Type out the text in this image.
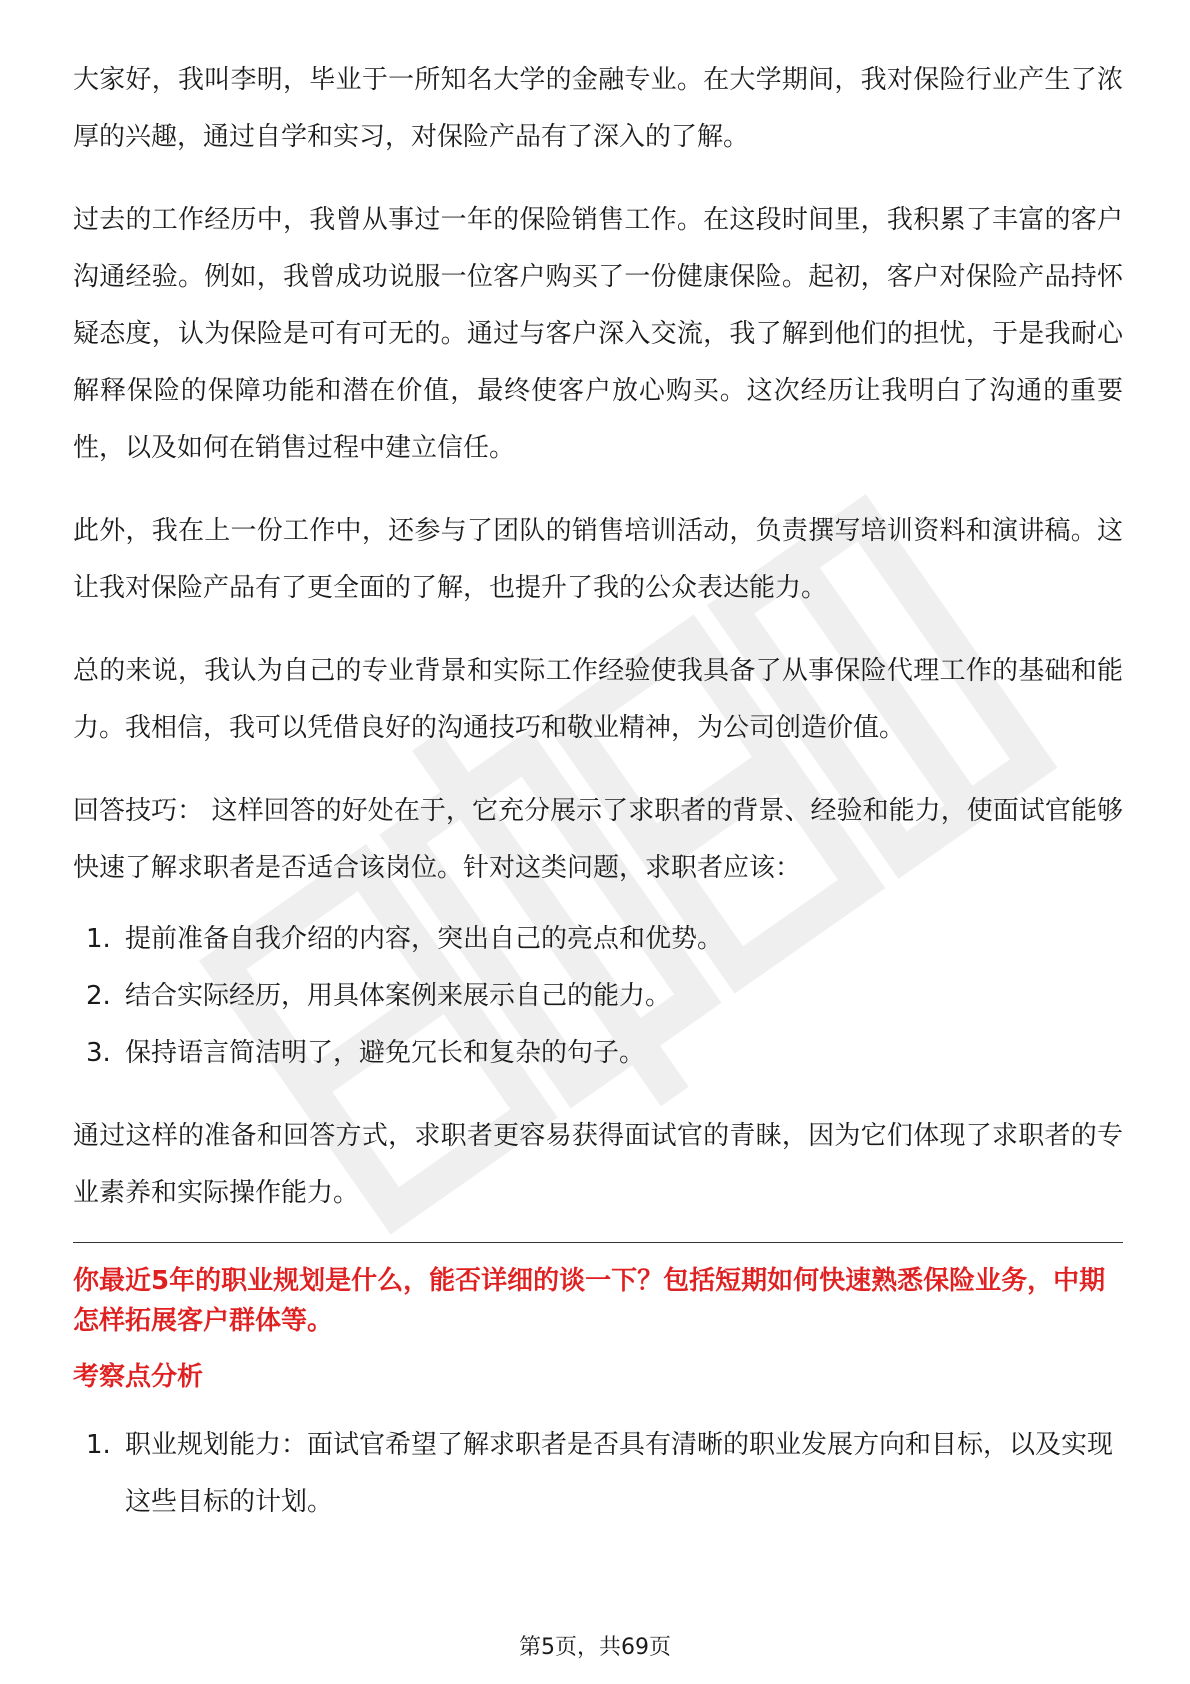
大家好，我叫李明，毕业于一所知名大学的金融专业。在大学期间，我对保险行业产生了浓厚的兴趣，通过自学和实习，对保险产品有了深入的了解。

过去的工作经历中，我曾从事过一年的保险销售工作。在这段时间里，我积累了丰富的客户沟通经验。例如，我曾成功说服一位客户购买了一份健康保险。起初，客户对保险产品持怀疑态度，认为保险是可有可无的。通过与客户深入交流，我了解到他们的担忧，于是我耐心解释保险的保障功能和潜在价值，最终使客户放心购买。这次经历让我明白了沟通的重要性，以及如何在销售过程中建立信任。

此外，我在上一份工作中，还参与了团队的销售培训活动，负责撰写培训资料和演讲稿。这让我对保险产品有了更全面的了解，也提升了我的公众表达能力。

总的来说，我认为自己的专业背景和实际工作经验使我具备了从事保险代理工作的基础和能力。我相信，我可以凭借良好的沟通技巧和敬业精神，为公司创造价值。

回答技巧： 这样回答的好处在于，它充分展示了求职者的背景、经验和能力，使面试官能够快速了解求职者是否适合该岗位。针对这类问题，求职者应该：

1. 提前准备自我介绍的内容，突出自己的亮点和优势。
2. 结合实际经历，用具体案例来展示自己的能力。
3. 保持语言简洁明了，避免冗长和复杂的句子。

通过这样的准备和回答方式，求职者更容易获得面试官的青睐，因为它们体现了求职者的专业素养和实际操作能力。

你最近5年的职业规划是什么，能否详细的谈一下？包括短期如何快速熟悉保险业务，中期怎样拓展客户群体等。

考察点分析

1. 职业规划能力：面试官希望了解求职者是否具有清晰的职业发展方向和目标，以及实现这些目标的计划。
第5页，共69页
